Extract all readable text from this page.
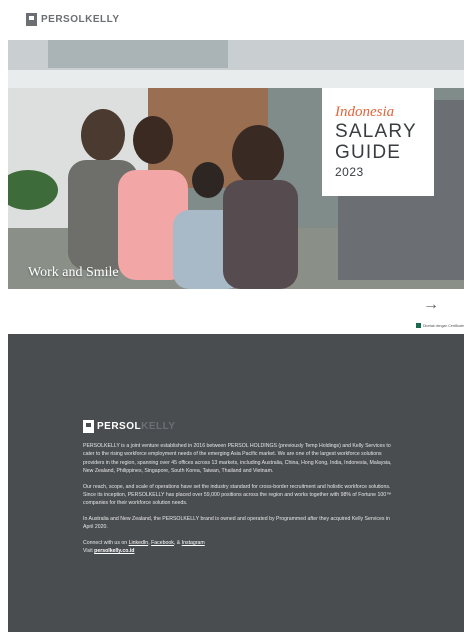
PERSOLKELLY
Indonesia
SALARY
GUIDE
2023
Work and Smile
→
Dicetak dengan Certificate
PERSOLKELLY

PERSOLKELLY is a joint venture established in 2016 between PERSOL HOLDINGS (previously Temp Holdings) and Kelly Services to cater to the rising workforce employment needs of the emerging Asia Pacific market. We are one of the largest workforce solutions providers in the region, spanning over 45 offices across 13 markets, including Australia, China, Hong Kong, India, Indonesia, Malaysia, New Zealand, Philippines, Singapore, South Korea, Taiwan, Thailand and Vietnam.

Our reach, scope, and scale of operations have set the industry standard for cross-border recruitment and holistic workforce solutions. Since its inception, PERSOLKELLY has placed over 59,000 positions across the region and works together with 98% of Fortune 100™ companies for their workforce solution needs.

In Australia and New Zealand, the PERSOLKELLY brand is owned and operated by Programmed after they acquired Kelly Services in April 2020.

Connect with us on LinkedIn, Facebook, & Instagram

Visit persolkelly.co.id
